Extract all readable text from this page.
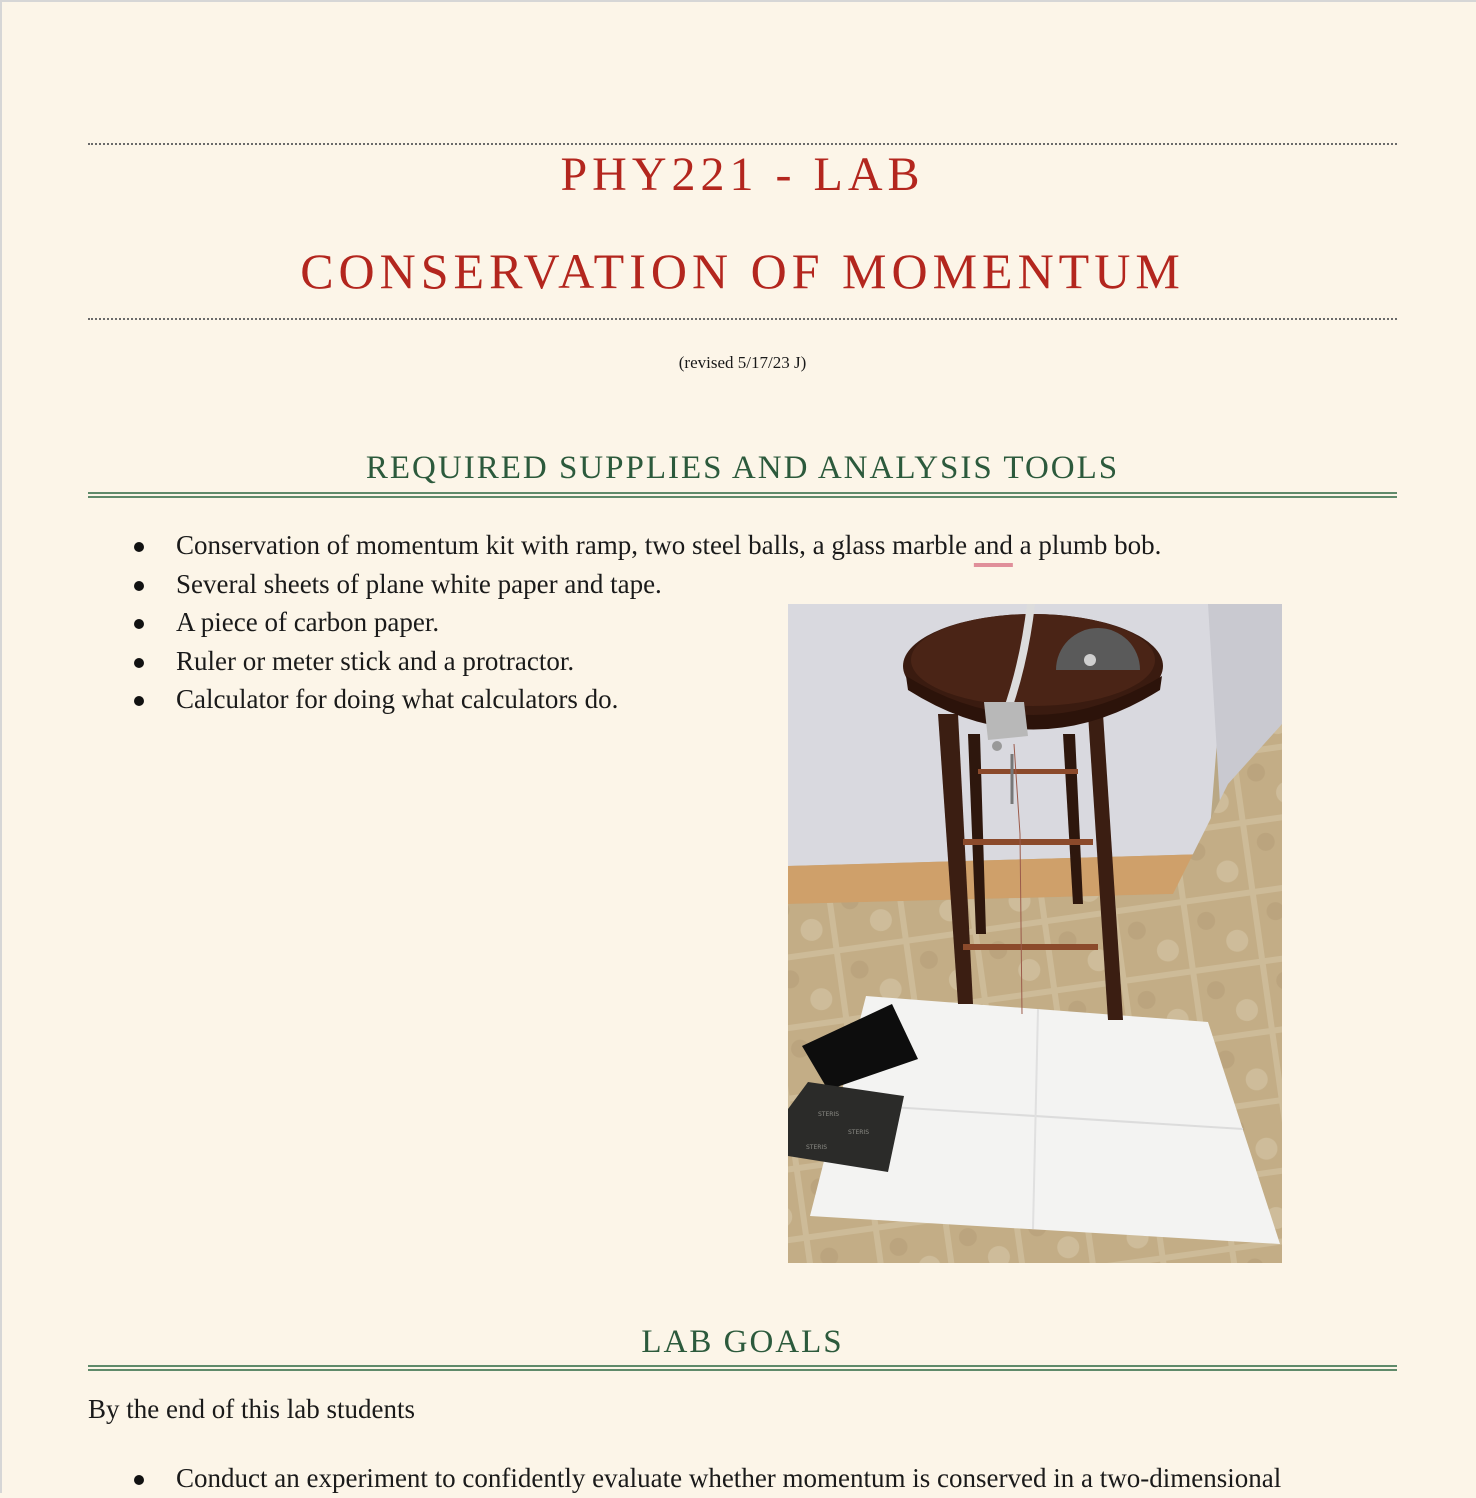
PHY221 - LAB
CONSERVATION OF MOMENTUM
(revised 5/17/23 J)
REQUIRED SUPPLIES AND ANALYSIS TOOLS
Conservation of momentum kit with ramp, two steel balls, a glass marble and a plumb bob.
Several sheets of plane white paper and tape.
A piece of carbon paper.
Ruler or meter stick and a protractor.
Calculator for doing what calculators do.
LAB GOALS
By the end of this lab students
Conduct an experiment to confidently evaluate whether momentum is conserved in a two-dimensional
STERIS
STERIS
STERIS
